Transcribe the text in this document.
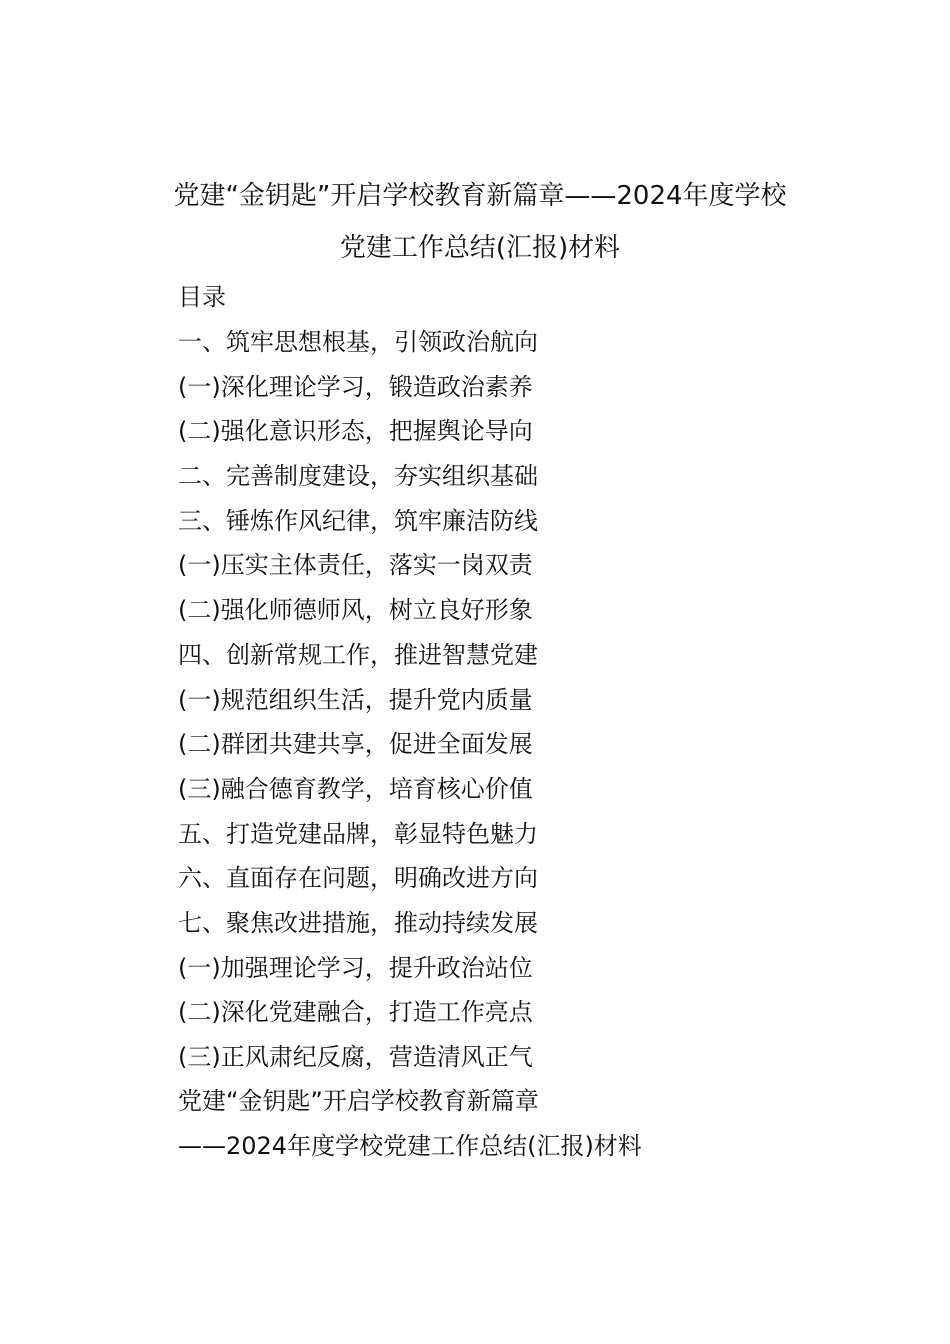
党建“金钥匙”开启学校教育新篇章——2024年度学校
党建工作总结(汇报)材料
目录
一、筑牢思想根基，引领政治航向
(一)深化理论学习，锻造政治素养
(二)强化意识形态，把握舆论导向
二、完善制度建设，夯实组织基础
三、锤炼作风纪律，筑牢廉洁防线
(一)压实主体责任，落实一岗双责
(二)强化师德师风，树立良好形象
四、创新常规工作，推进智慧党建
(一)规范组织生活，提升党内质量
(二)群团共建共享，促进全面发展
(三)融合德育教学，培育核心价值
五、打造党建品牌，彰显特色魅力
六、直面存在问题，明确改进方向
七、聚焦改进措施，推动持续发展
(一)加强理论学习，提升政治站位
(二)深化党建融合，打造工作亮点
(三)正风肃纪反腐，营造清风正气
党建“金钥匙”开启学校教育新篇章
——2024年度学校党建工作总结(汇报)材料
